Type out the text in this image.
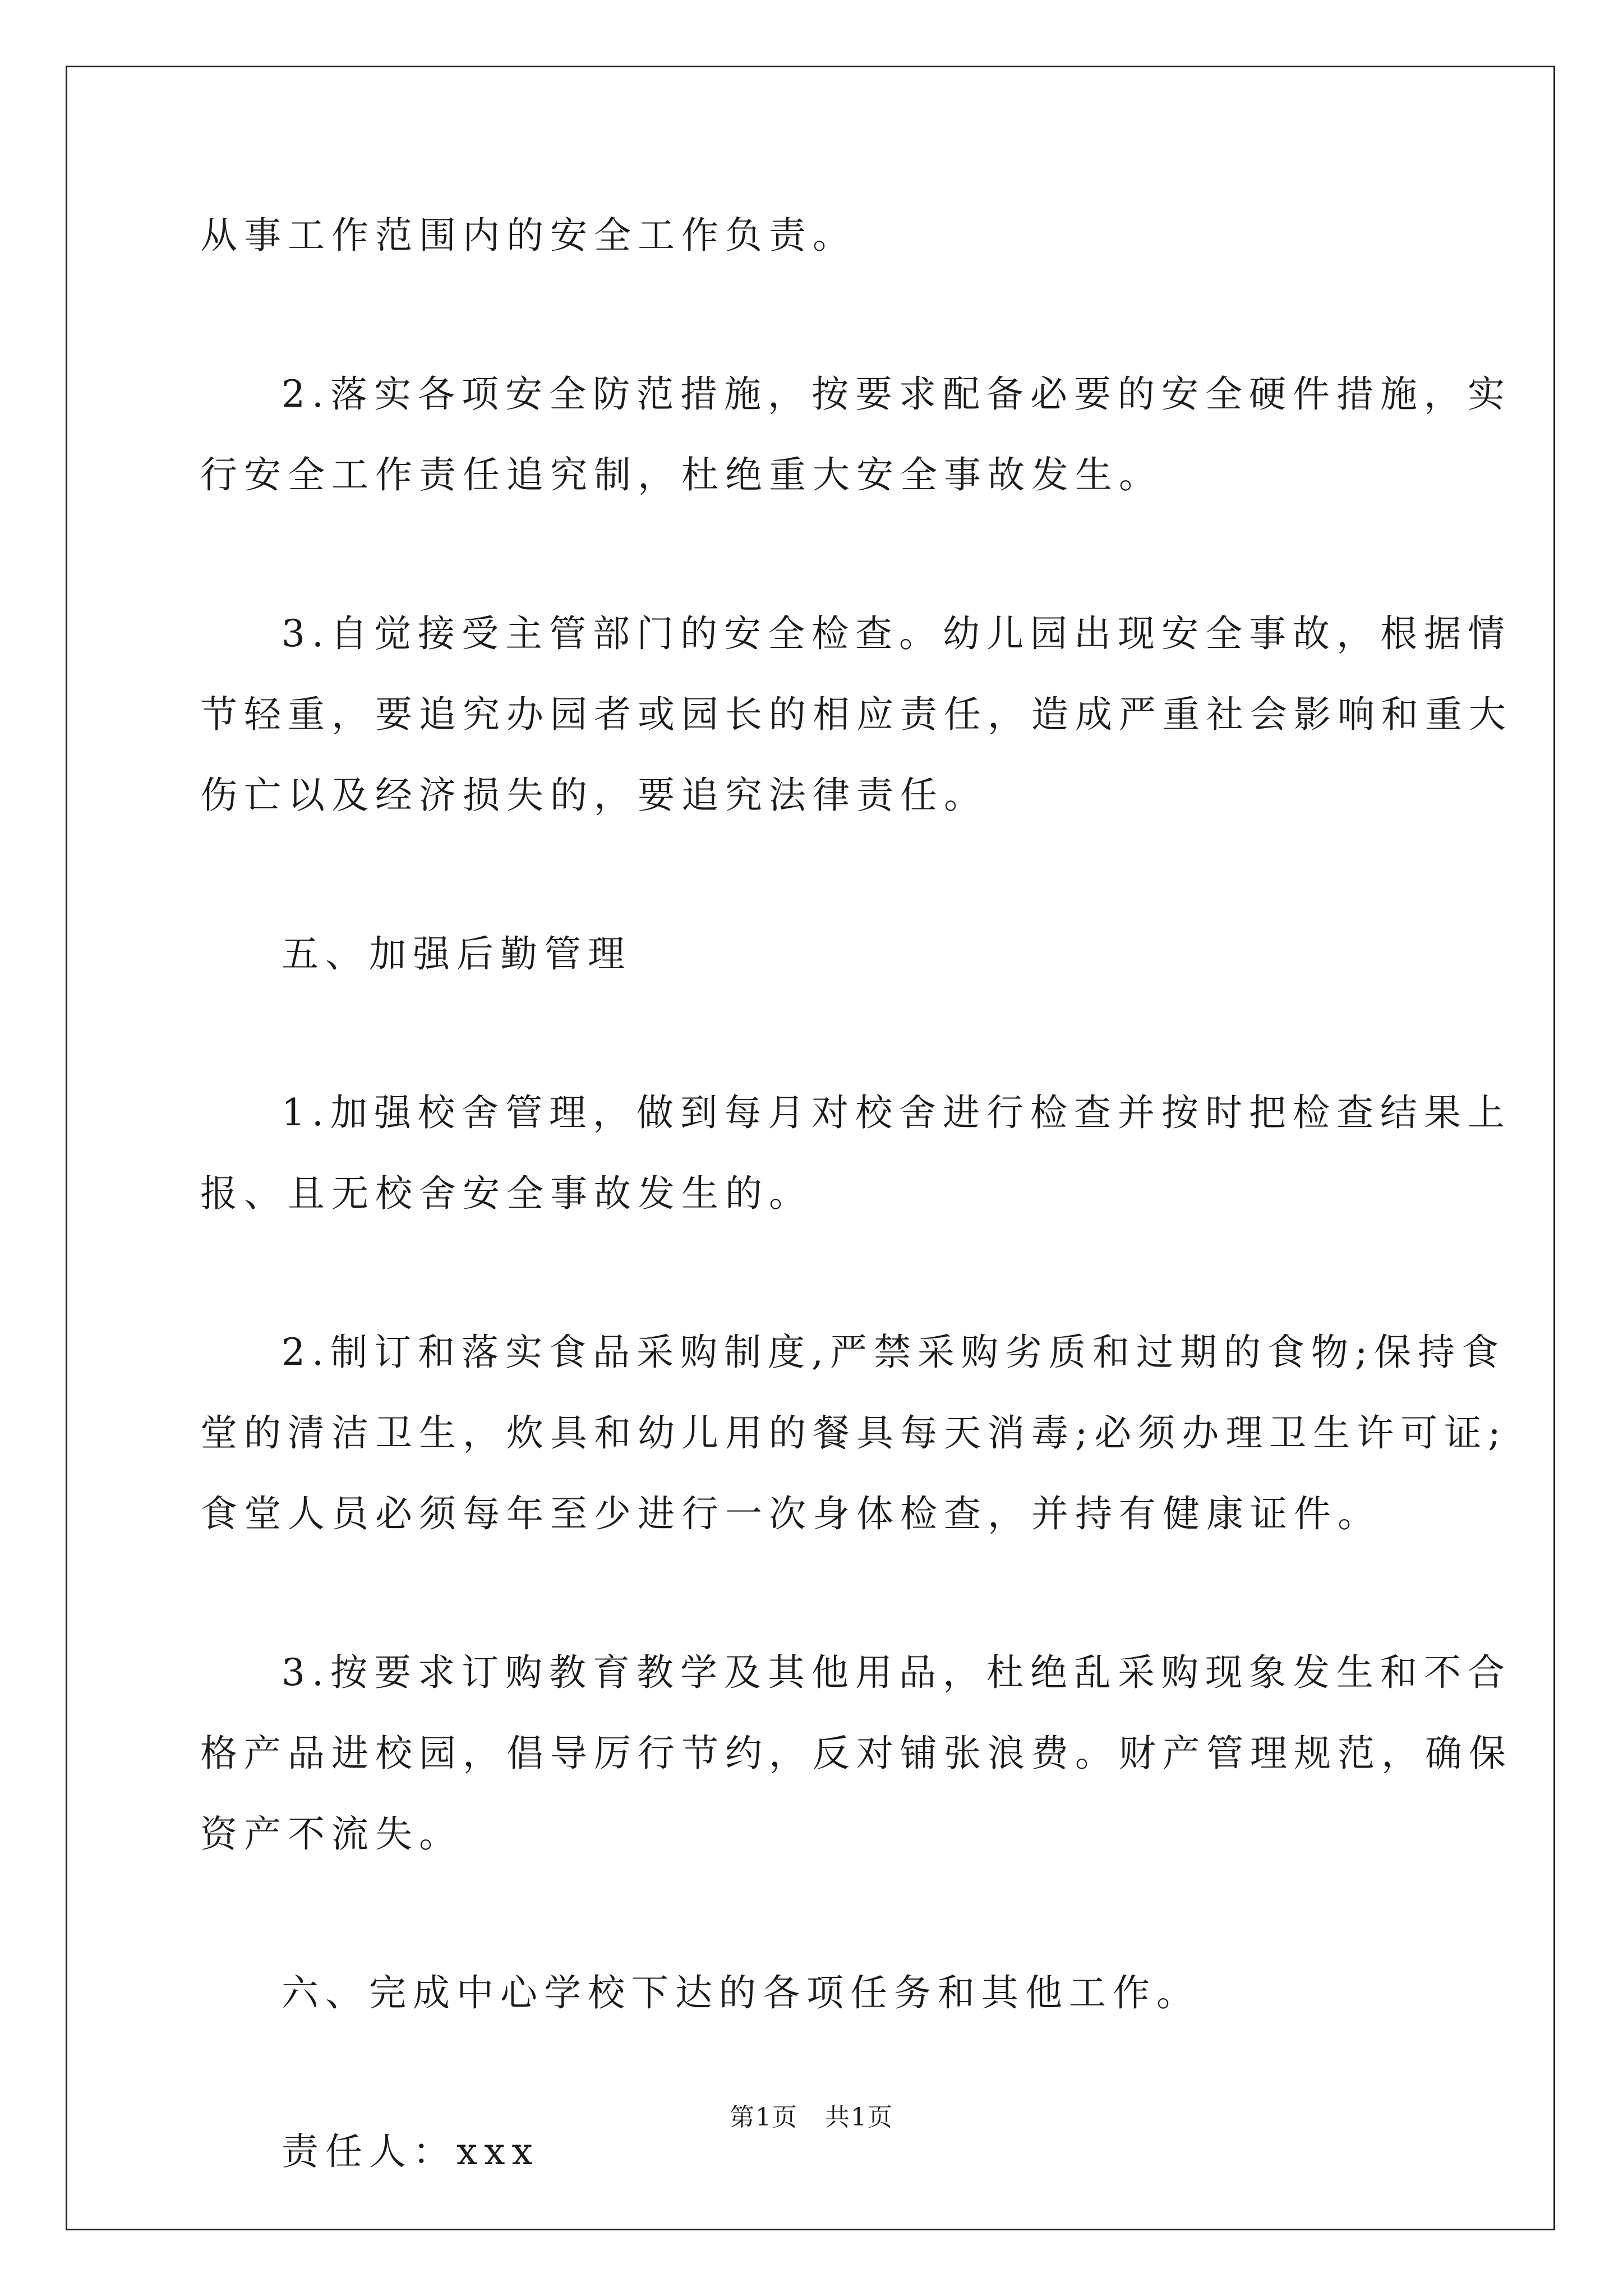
从事工作范围内的安全工作负责。
2.落实各项安全防范措施，按要求配备必要的安全硬件措施，实
行安全工作责任追究制，杜绝重大安全事故发生。
3.自觉接受主管部门的安全检查。幼儿园出现安全事故，根据情
节轻重，要追究办园者或园长的相应责任，造成严重社会影响和重大
伤亡以及经济损失的，要追究法律责任。
五、加强后勤管理
1.加强校舍管理，做到每月对校舍进行检查并按时把检查结果上
报、且无校舍安全事故发生的。
2.制订和落实食品采购制度,严禁采购劣质和过期的食物;保持食
堂的清洁卫生，炊具和幼儿用的餐具每天消毒;必须办理卫生许可证;
食堂人员必须每年至少进行一次身体检查，并持有健康证件。
3.按要求订购教育教学及其他用品，杜绝乱采购现象发生和不合
格产品进校园，倡导厉行节约，反对铺张浪费。财产管理规范，确保
资产不流失。
六、完成中心学校下达的各项任务和其他工作。
责任人：xxx
第1页   共1页
